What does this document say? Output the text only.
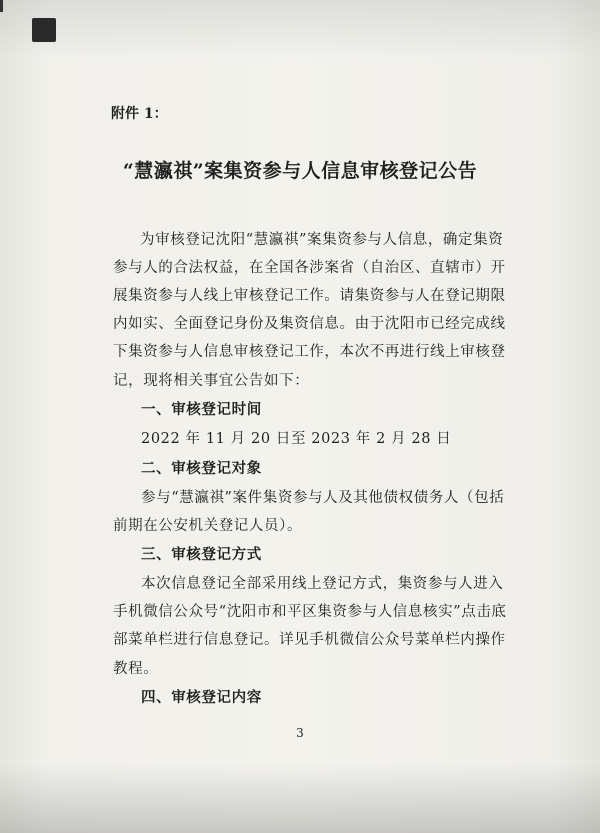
附件 1：
“慧瀛祺”案集资参与人信息审核登记公告
为审核登记沈阳“慧瀛祺”案集资参与人信息，确定集资
参与人的合法权益，在全国各涉案省（自治区、直辖市）开
展集资参与人线上审核登记工作。请集资参与人在登记期限
内如实、全面登记身份及集资信息。由于沈阳市已经完成线
下集资参与人信息审核登记工作，本次不再进行线上审核登
记，现将相关事宜公告如下：
一、审核登记时间
2022 年 11 月 20 日至 2023 年 2 月 28 日
二、审核登记对象
参与“慧瀛祺”案件集资参与人及其他债权债务人（包括
前期在公安机关登记人员）。
三、审核登记方式
本次信息登记全部采用线上登记方式，集资参与人进入
手机微信公众号“沈阳市和平区集资参与人信息核实”点击底
部菜单栏进行信息登记。详见手机微信公众号菜单栏内操作
教程。
四、审核登记内容
3
